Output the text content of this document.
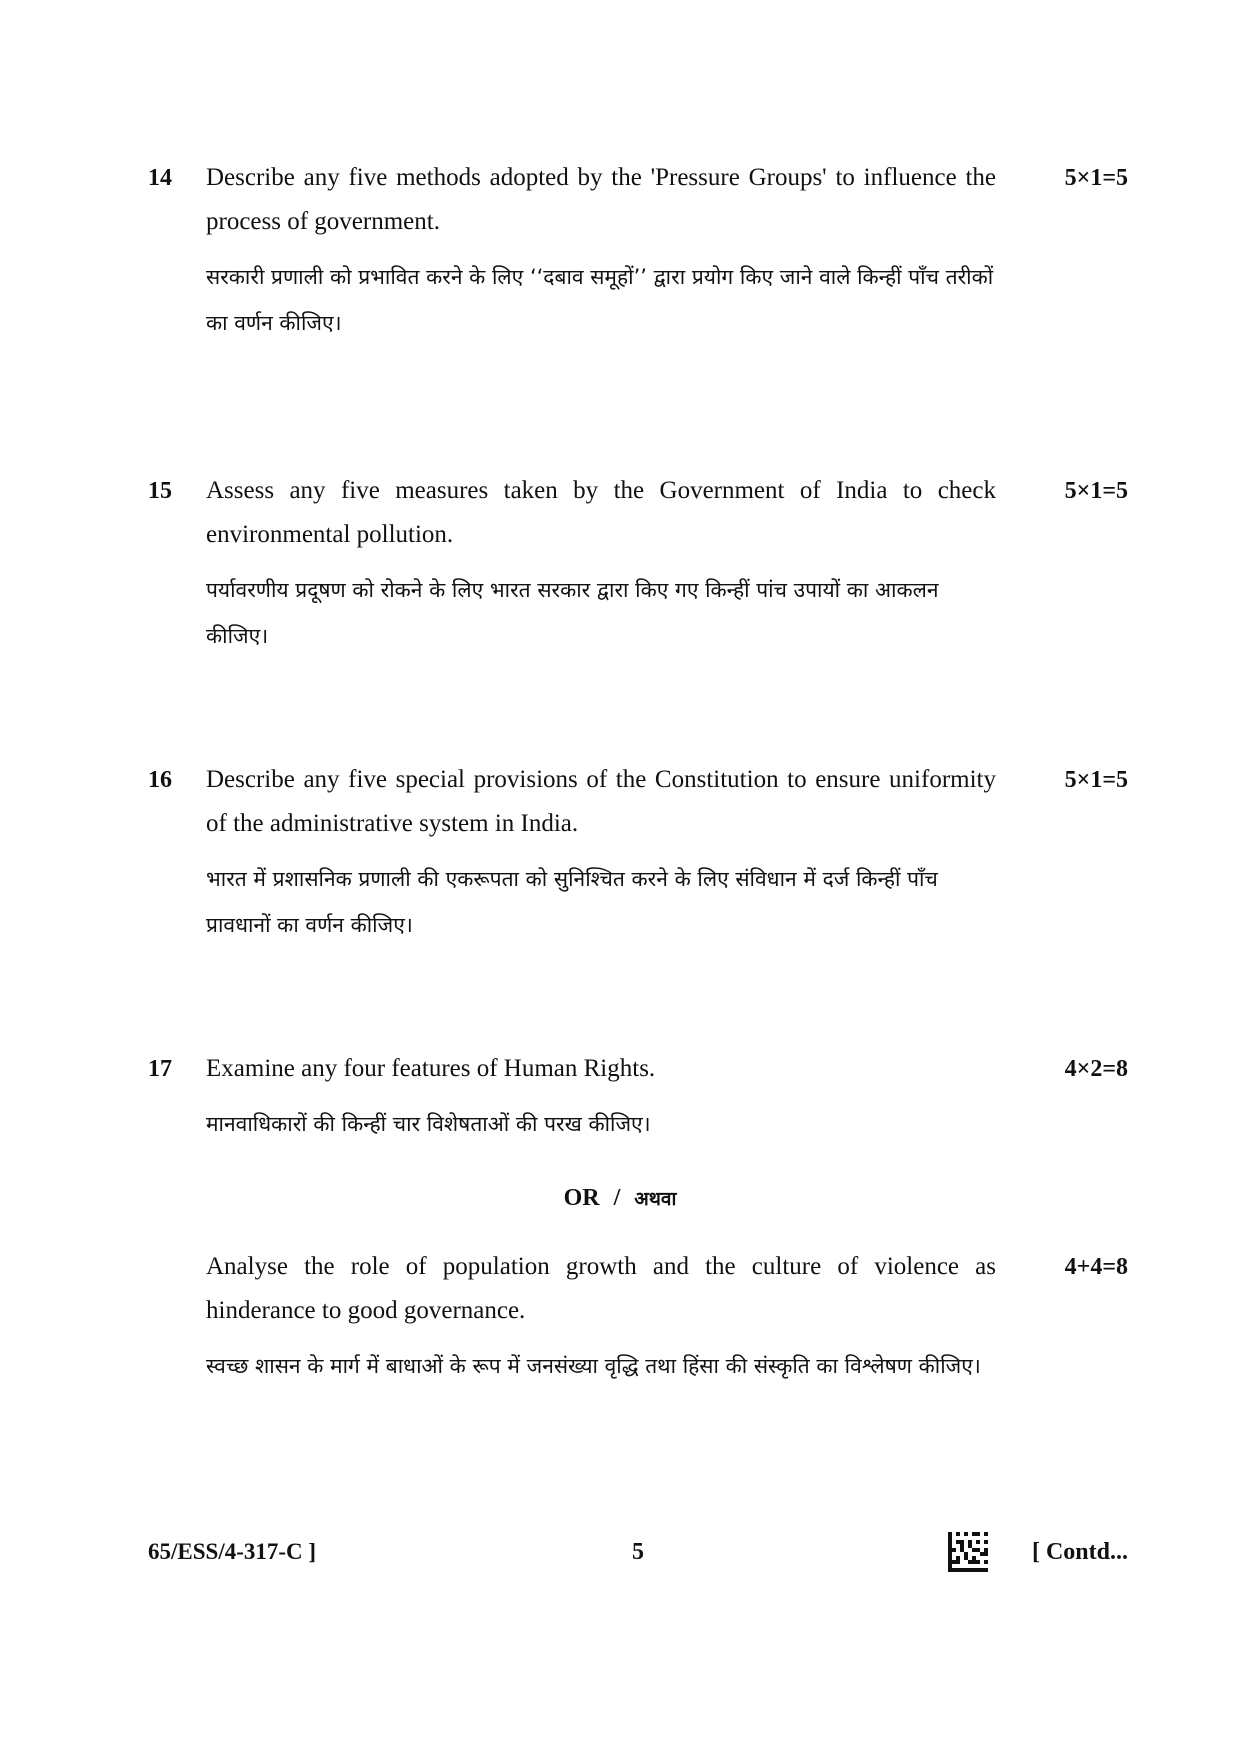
14	Describe any five methods adopted by the 'Pressure Groups' to influence the process of government.
सरकारी प्रणाली को प्रभावित करने के लिए ‘‘दबाव समूहों’’ द्वारा प्रयोग किए जाने वाले किन्हीं पाँच तरीकों का वर्णन कीजिए।
5×1=5
15	Assess any five measures taken by the Government of India to check environmental pollution.
पर्यावरणीय प्रदूषण को रोकने के लिए भारत सरकार द्वारा किए गए किन्हीं पांच उपायों का आकलन कीजिए।
5×1=5
16	Describe any five special provisions of the Constitution to ensure uniformity of the administrative system in India.
भारत में प्रशासनिक प्रणाली की एकरूपता को सुनिश्चित करने के लिए संविधान में दर्ज किन्हीं पाँच प्रावधानों का वर्णन कीजिए।
5×1=5
17	Examine any four features of Human Rights.
मानवाधिकारों की किन्हीं चार विशेषताओं की परख कीजिए।
4×2=8
OR / अथवा
Analyse the role of population growth and the culture of violence as hinderance to good governance.
स्वच्छ शासन के मार्ग में बाधाओं के रूप में जनसंख्या वृद्धि तथा हिंसा की संस्कृति का विश्लेषण कीजिए।
4+4=8
65/ESS/4-317-C ]	5	[ Contd...
